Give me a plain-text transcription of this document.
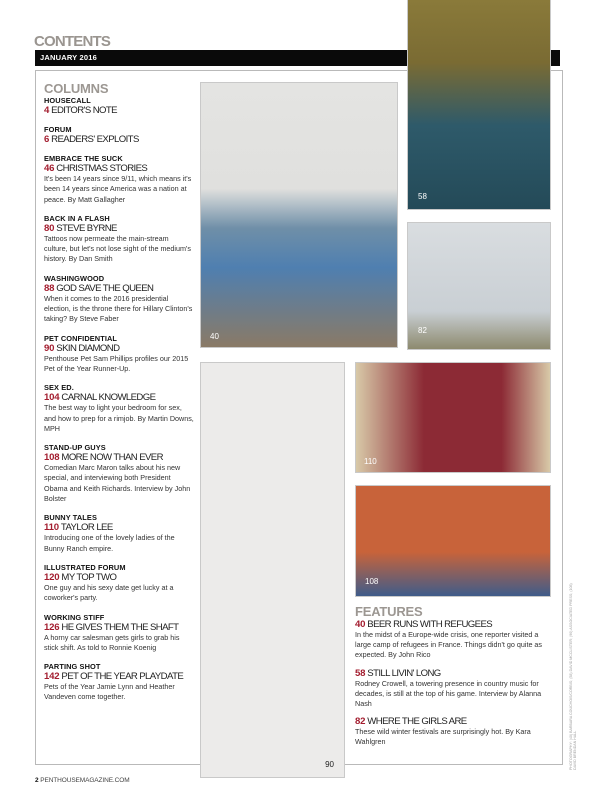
CONTENTS
JANUARY 2016
COLUMNS
HOUSECALL
4 EDITOR'S NOTE
FORUM
6 READERS' EXPLOITS
EMBRACE THE SUCK
46 CHRISTMAS STORIES
It's been 14 years since 9/11, which means it's been 14 years since America was a nation at peace. By Matt Gallagher
BACK IN A FLASH
80 STEVE BYRNE
Tattoos now permeate the main-stream culture, but let's not lose sight of the medium's history. By Dan Smith
WASHINGWOOD
88 GOD SAVE THE QUEEN
When it comes to the 2016 presidential election, is the throne there for Hillary Clinton's taking? By Steve Faber
PET CONFIDENTIAL
90 SKIN DIAMOND
Penthouse Pet Sam Phillips profiles our 2015 Pet of the Year Runner-Up.
SEX ED.
104 CARNAL KNOWLEDGE
The best way to light your bedroom for sex, and how to prep for a rimjob. By Martin Downs, MPH
STAND-UP GUYS
108 MORE NOW THAN EVER
Comedian Marc Maron talks about his new special, and interviewing both President Obama and Keith Richards. Interview by John Bolster
BUNNY TALES
110 TAYLOR LEE
Introducing one of the lovely ladies of the Bunny Ranch empire.
ILLUSTRATED FORUM
120 MY TOP TWO
One guy and his sexy date get lucky at a coworker's party.
WORKING STIFF
126 HE GIVES THEM THE SHAFT
A horny car salesman gets girls to grab his stick shift. As told to Ronnie Koenig
PARTING SHOT
142 PET OF THE YEAR PLAYDATE
Pets of the Year Jamie Lynn and Heather Vandeven come together.
40
58
82
90
110
108
FEATURES
40 BEER RUNS WITH REFUGEES
In the midst of a Europe-wide crisis, one reporter visited a large camp of refugees in France. Things didn't go quite as expected. By John Rico
58 STILL LIVIN' LONG
Rodney Crowell, a towering presence in country music for decades, is still at the top of his game. Interview by Alanna Nash
82 WHERE THE GIRLS ARE
These wild winter festivals are surprisingly hot. By Kara Wahlgren	PHOTOGRAPHY: (40) BARBARA COUCHOIS/CORBIS; (58) DAVID MCCLISTER; (90) ASSOCIATED PRESS; (108) DAVID BRENDAN HALL
2 PENTHOUSEMAGAZINE.COM
